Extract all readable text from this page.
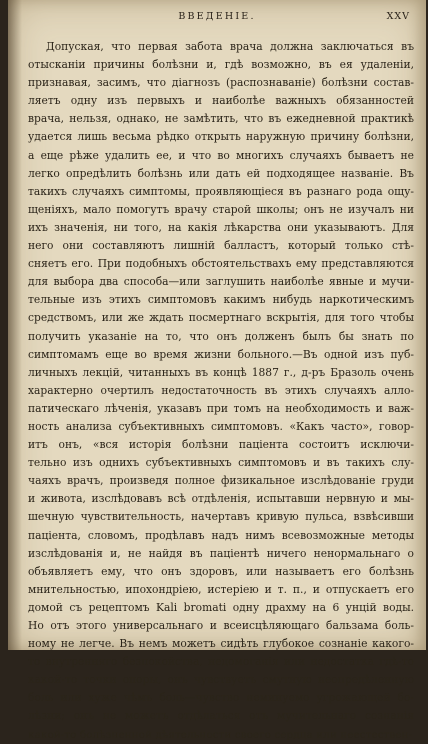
ВВЕДЕНІЕ.	XXV
Допуская, что первая забота врача должна заключаться въ
отысканіи причины болѣзни и, гдѣ возможно, въ ея удаленіи,
признавая, засимъ, что діагнозъ (распознаваніе) болѣзни состав-
ляетъ одну изъ первыхъ и наиболѣе важныхъ обязанностей
врача, нельзя, однако, не замѣтить, что въ ежедневной практикѣ
удается лишь весьма рѣдко открыть наружную причину болѣзни,
а еще рѣже удалить ее, и что во многихъ случаяхъ бываетъ не
легко опредѣлить болѣзнь или дать ей подходящее названіе. Въ
такихъ случаяхъ симптомы, проявляющіеся въ разнаго рода ощу-
щеніяхъ, мало помогутъ врачу старой школы; онъ не изучалъ ни
ихъ значенія, ни того, на какія лѣкарства они указываютъ. Для
него они составляютъ лишній балластъ, который только стѣ-
сняетъ его. При подобныхъ обстоятельствахъ ему представляются
для выбора два способа—или заглушить наиболѣе явные и мучи-
тельные изъ этихъ симптомовъ какимъ нибудь наркотическимъ
средствомъ, или же ждать посмертнаго вскрытія, для того чтобы
получить указаніе на то, что онъ долженъ былъ бы знать по
симптомамъ еще во время жизни больного.—Въ одной изъ пуб-
личныхъ лекцій, читанныхъ въ концѣ 1887 г., д-ръ Бразоль очень
характерно очертилъ недостаточность въ этихъ случаяхъ алло-
патическаго лѣченія, указавъ при томъ на необходимость и важ-
ность анализа субъективныхъ симптомовъ. «Какъ часто», говор-
итъ онъ, «вся исторія болѣзни паціента состоитъ исключи-
тельно изъ однихъ субъективныхъ симптомовъ и въ такихъ слу-
чаяхъ врачъ, произведя полное физикальное изслѣдованіе груди
и живота, изслѣдовавъ всѣ отдѣленія, испытавши нервную и мы-
шечную чувствительность, начертавъ кривую пульса, взвѣсивши
паціента, словомъ, продѣлавъ надъ нимъ всевозможные методы
изслѣдованія и, не найдя въ паціентѣ ничего ненормальнаго о
объявляетъ ему, что онъ здоровъ, или называетъ его болѣзнь
мнительностью, ипохондріею, истеріею и т. п., и отпускаетъ его
домой съ рецептомъ Kali bromati одну драхму на 6 унцій воды.
Но отъ этого универсальнаго и всеисцѣляющаго бальзама боль-
ному не легче. Въ немъ можетъ сидѣть глубокое сознаніе какого-
то внутренняго безпокойства, недомоганія или недостатка гдѣ-то
какой-то точки опоры, онъ чувствуетъ смутную неопредѣленную
боль или хуже чѣмъ боль—чувство неминуемо угрожающей бо-
лѣзни; онъ не можетъ отдѣлаться отъ мучительнаго сознанія
какой-то болѣзненной дѣятельности своего сердца или неестествен-
